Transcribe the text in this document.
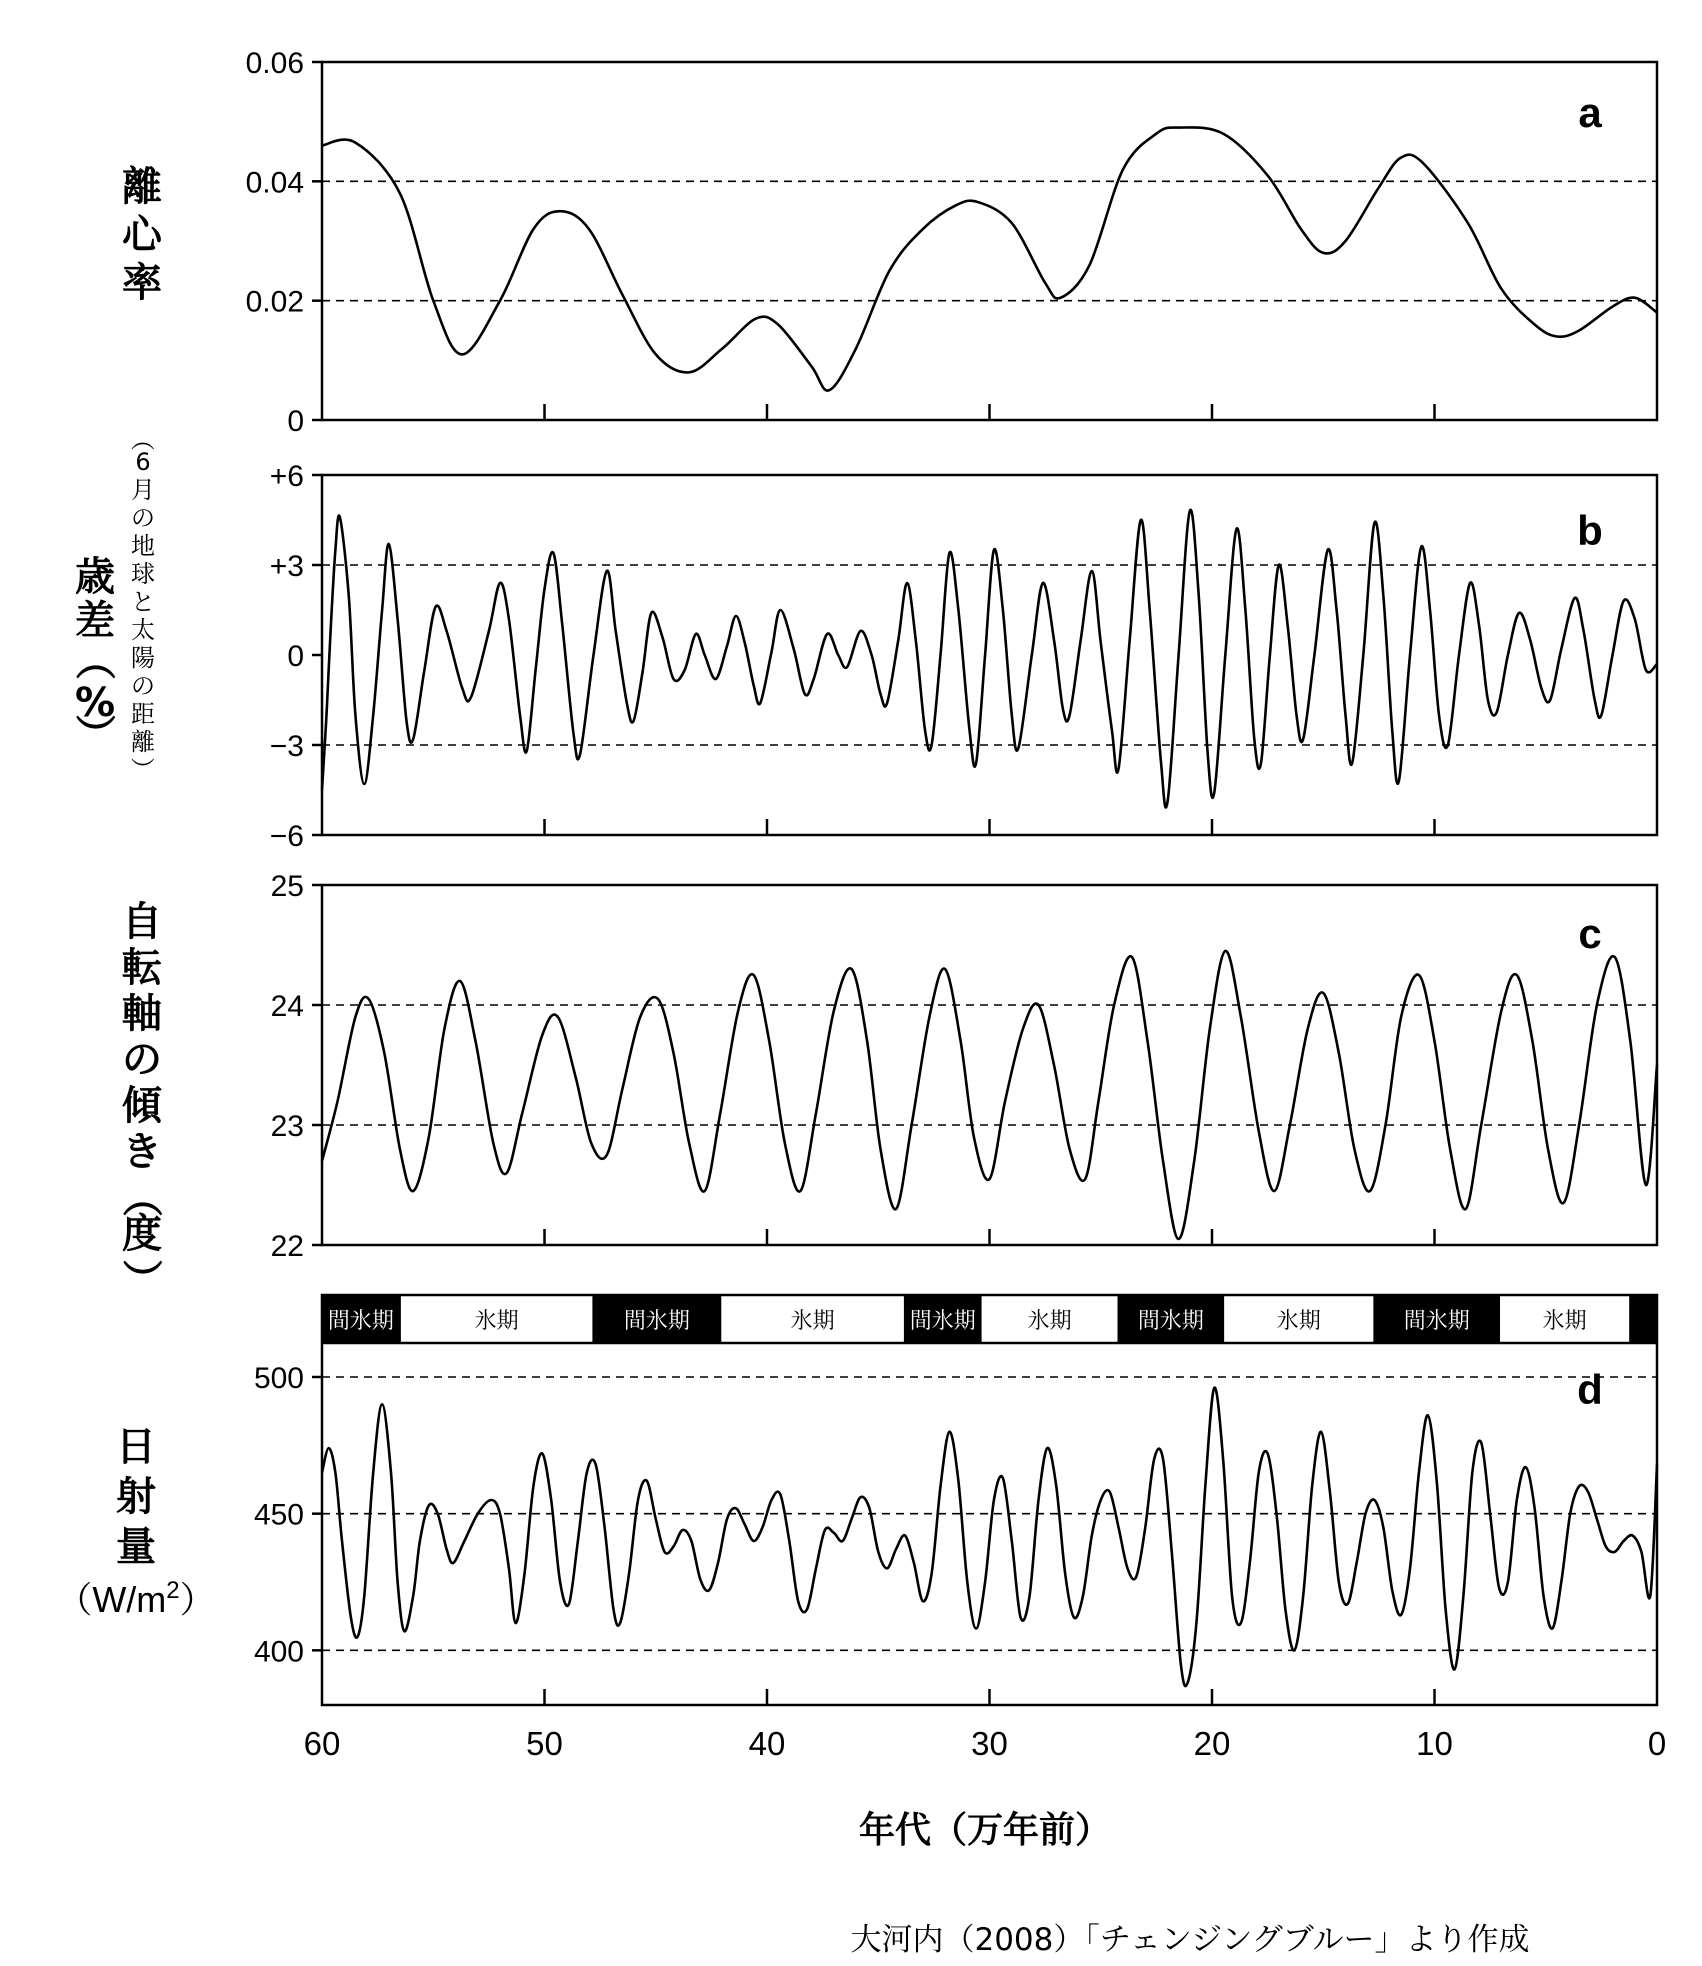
離
心
率
a
0
0.02
0.04
0.06
歳
差
（
%
）
（
6
月
の
地
球
と
太
陽
の
距
離
）
b
−6
−3
0
+3
+6
自
転
軸
の
傾
き
（
度
）
c
22
23
24
25
日
射
量
$(W/m^2)$
d
間氷期	氷期	間氷期	氷期	間氷期 氷期	間氷期	氷期	間氷期	氷期
400
450
500
年代（万年前）
大河内（2008）「チェンジングブルー」より作成
60	50	40	30	20	10	0
